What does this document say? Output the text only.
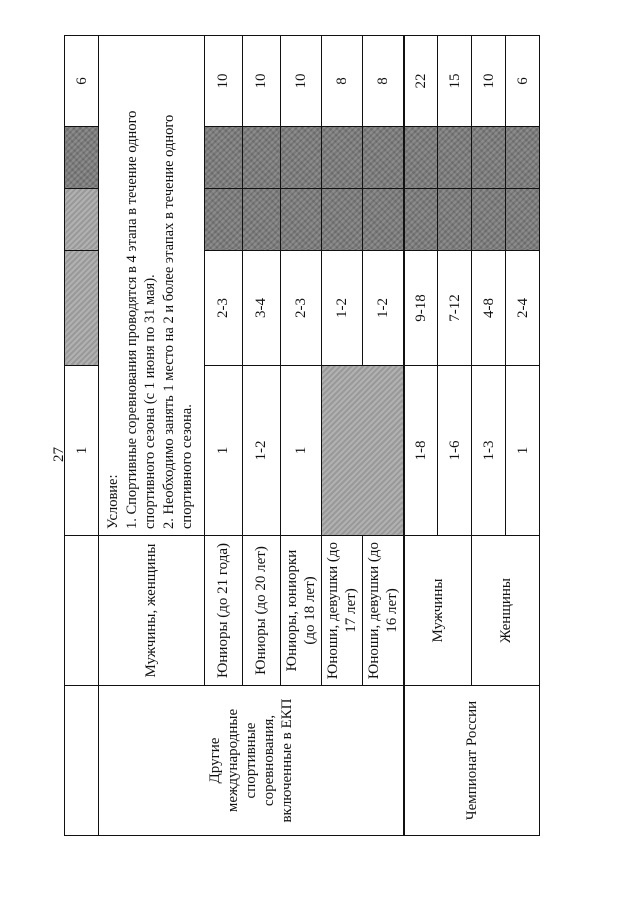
27
		1				6
Другие международные спортивные соревнования, включенные в ЕКП	Мужчины, женщины	Условие: 1. Спортивные соревнования проводятся в 4 этапа в течение одного спортивного сезона (с 1 июня по 31 мая). 2. Необходимо занять 1 место на 2 и более этапах в течение одного спортивного сезона.				

	Юниоры (до 21 года)	1	2-3			10
	Юниоры (до 20 лет)	1-2	3-4			10
	Юниоры, юниорки (до 18 лет)	1	2-3			10
	Юноши, девушки (до 17 лет)		1-2			8
	Юноши, девушки (до 16 лет)		1-2			8
Чемпионат России	Мужчины	1-8	9-18			22
		1-6	7-12			15
	Женщины	1-3	4-8			10
		1	2-4			6
